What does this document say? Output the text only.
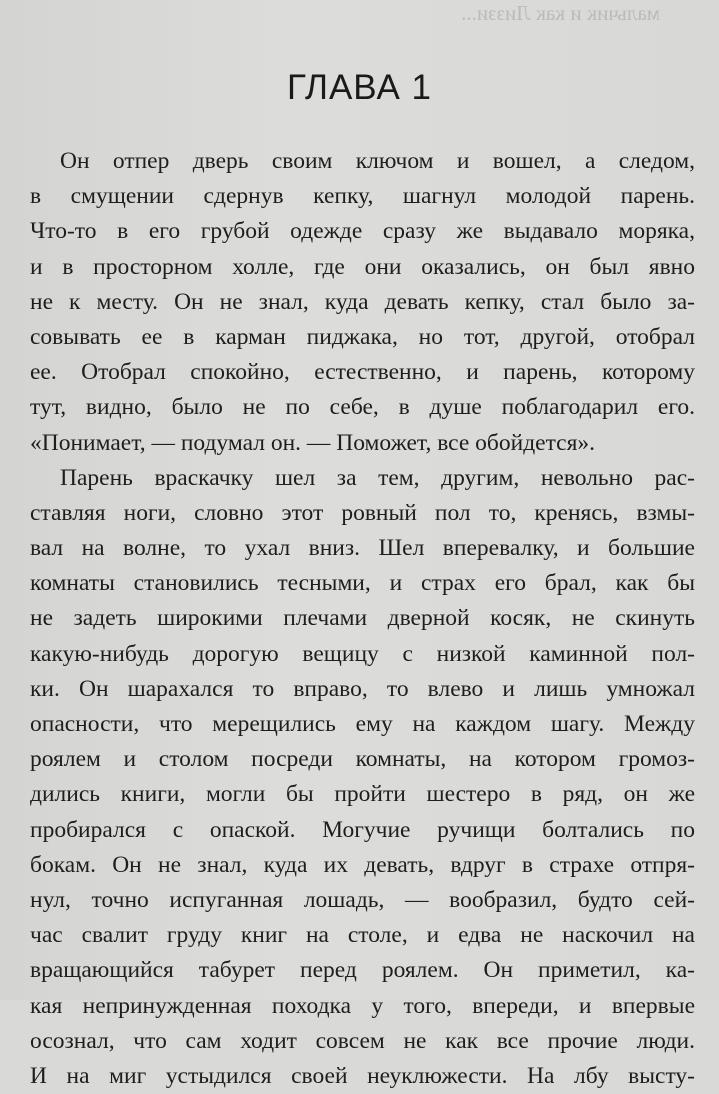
мальчик и как Лиззи...
ГЛАВА 1
Он отпер дверь своим ключом и вошел, а следом,
в смущении сдернув кепку, шагнул молодой парень.
Что-то в его грубой одежде сразу же выдавало моряка,
и в просторном холле, где они оказались, он был явно
не к месту. Он не знал, куда девать кепку, стал было за-
совывать ее в карман пиджака, но тот, другой, отобрал
ее. Отобрал спокойно, естественно, и парень, которому
тут, видно, было не по себе, в душе поблагодарил его.
«Понимает, — подумал он. — Поможет, все обойдется».
Парень враскачку шел за тем, другим, невольно рас-
ставляя ноги, словно этот ровный пол то, кренясь, взмы-
вал на волне, то ухал вниз. Шел вперевалку, и большие
комнаты становились тесными, и страх его брал, как бы
не задеть широкими плечами дверной косяк, не скинуть
какую-нибудь дорогую вещицу с низкой каминной пол-
ки. Он шарахался то вправо, то влево и лишь умножал
опасности, что мерещились ему на каждом шагу. Между
роялем и столом посреди комнаты, на котором громоз-
дились книги, могли бы пройти шестеро в ряд, он же
пробирался с опаской. Могучие ручищи болтались по
бокам. Он не знал, куда их девать, вдруг в страхе отпря-
нул, точно испуганная лошадь, — вообразил, будто сей-
час свалит груду книг на столе, и едва не наскочил на
вращающийся табурет перед роялем. Он приметил, ка-
кая непринужденная походка у того, впереди, и впервые
осознал, что сам ходит совсем не как все прочие люди.
И на миг устыдился своей неуклюжести. На лбу высту-
